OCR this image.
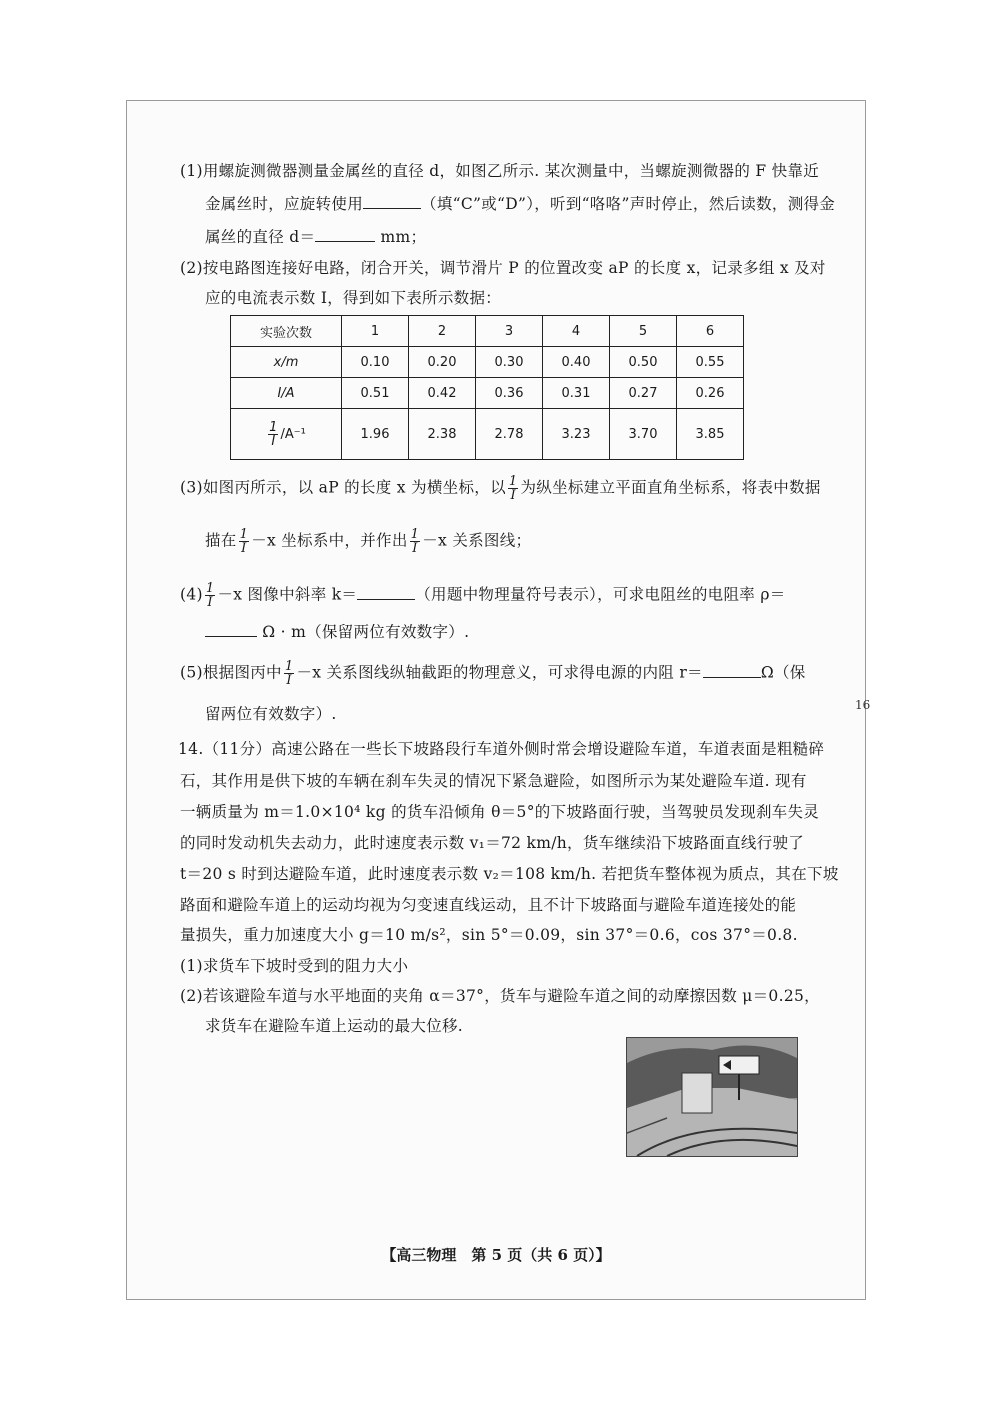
(1)用螺旋测微器测量金属丝的直径 d，如图乙所示. 某次测量中，当螺旋测微器的 F 快靠近
金属丝时，应旋转使用	（填“C”或“D”），听到“咯咯”声时停止，然后读数，测得金
属丝的直径 d＝	mm；
(2)按电路图连接好电路，闭合开关，调节滑片 P 的位置改变 aP 的长度 x，记录多组 x 及对
应的电流表示数 I，得到如下表所示数据：
实验次数	1	2	3	4	5	6
x/m	0.10	0.20	0.30	0.40	0.50	0.55
I/A	0.51	0.42	0.36	0.31	0.27	0.26

$\frac{1}{I} /A^{-1}$	1.96	2.38	2.78	3.23	3.70	3.85
(3)如图丙所示，以 aP 的长度 x 为横坐标，以 $\frac{1}{I}$ 为纵坐标建立平面直角坐标系，将表中数据
描在 $\frac{1}{I} -x$ 坐标系中，并作出 $\frac{1}{I} -x$ 关系图线；
$(4) \frac{1}{I} -x$ 图像中斜率 k＝	（用题中物理量符号表示），可求电阻丝的电阻率 ρ＝
Ω · m（保留两位有效数字）.
(5)根据图丙中 $\frac{1}{I} -x$ 关系图线纵轴截距的物理意义，可求得电源的内阻 r＝	Ω（保
留两位有效数字）.	16
14.（11分）高速公路在一些长下坡路段行车道外侧时常会增设避险车道，车道表面是粗糙碎
石，其作用是供下坡的车辆在刹车失灵的情况下紧急避险，如图所示为某处避险车道. 现有
一辆质量为 m＝1.0×10⁴ kg 的货车沿倾角 θ＝5°的下坡路面行驶，当驾驶员发现刹车失灵
的同时发动机失去动力，此时速度表示数 v₁＝72 km/h，货车继续沿下坡路面直线行驶了
t＝20 s 时到达避险车道，此时速度表示数 v₂＝108 km/h. 若把货车整体视为质点，其在下坡
路面和避险车道上的运动均视为匀变速直线运动，且不计下坡路面与避险车道连接处的能
量损失，重力加速度大小 g＝10 m/s²，sin 5°＝0.09，sin 37°＝0.6，cos 37°＝0.8.
(1)求货车下坡时受到的阻力大小
(2)若该避险车道与水平地面的夹角 α＝37°，货车与避险车道之间的动摩擦因数 μ＝0.25，
求货车在避险车道上运动的最大位移.
【高三物理　第 5 页（共 6 页）】
